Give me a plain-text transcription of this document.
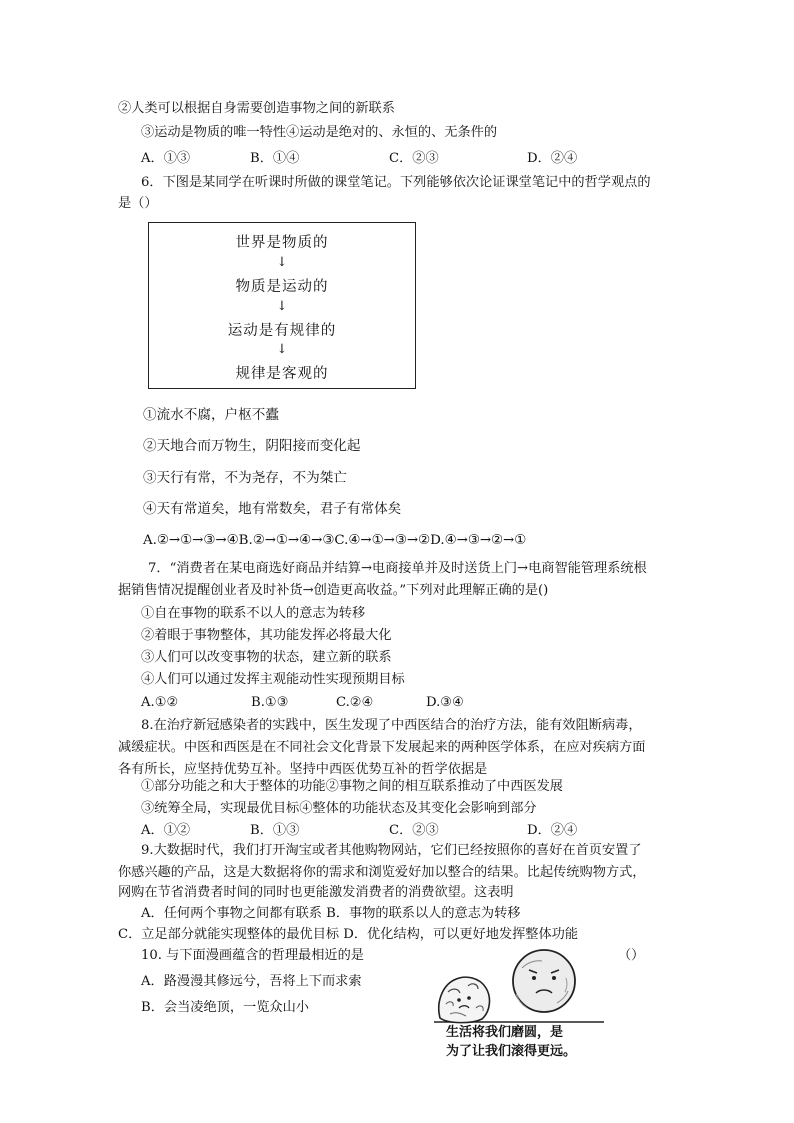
②人类可以根据自身需要创造事物之间的新联系
③运动是物质的唯一特性④运动是绝对的、永恒的、无条件的
A．①③	B．①④	C．②③	D．②④
6．下图是某同学在听课时所做的课堂笔记。下列能够依次论证课堂笔记中的哲学观点的
是（）
世界是物质的
↓
物质是运动的
↓
运动是有规律的
↓
规律是客观的
①流水不腐，户枢不蠹
②天地合而万物生，阴阳接而变化起
③天行有常，不为尧存，不为桀亡
④天有常道矣，地有常数矣，君子有常体矣
A.②→①→③→④B.②→①→④→③C.④→①→③→②D.④→③→②→①
7．“消费者在某电商选好商品并结算→电商接单并及时送货上门→电商智能管理系统根
据销售情况提醒创业者及时补货→创造更高收益。”下列对此理解正确的是()
①自在事物的联系不以人的意志为转移
②着眼于事物整体，其功能发挥必将最大化
③人们可以改变事物的状态，建立新的联系
④人们可以通过发挥主观能动性实现预期目标
A.①②	B.①③	C.②④	D.③④
8.在治疗新冠感染者的实践中，医生发现了中西医结合的治疗方法，能有效阻断病毒，
减缓症状。中医和西医是在不同社会文化背景下发展起来的两种医学体系，在应对疾病方面
各有所长，应坚持优势互补。坚持中西医优势互补的哲学依据是
①部分功能之和大于整体的功能②事物之间的相互联系推动了中西医发展
③统筹全局，实现最优目标④整体的功能状态及其变化会影响到部分
A．①②	B．①③	C．②③	D．②④
9.大数据时代，我们打开淘宝或者其他购物网站，它们已经按照你的喜好在首页安置了
你感兴趣的产品，这是大数据将你的需求和浏览爱好加以整合的结果。比起传统购物方式，
网购在节省消费者时间的同时也更能激发消费者的消费欲望。这表明
A．任何两个事物之间都有联系 B．事物的联系以人的意志为转移
C．立足部分就能实现整体的最优目标 D．优化结构，可以更好地发挥整体功能
10. 与下面漫画蕴含的哲理最相近的是	（）
A．路漫漫其修远兮，吾将上下而求索
B．会当凌绝顶，一览众山小
生活将我们磨圆，是
为了让我们滚得更远。
